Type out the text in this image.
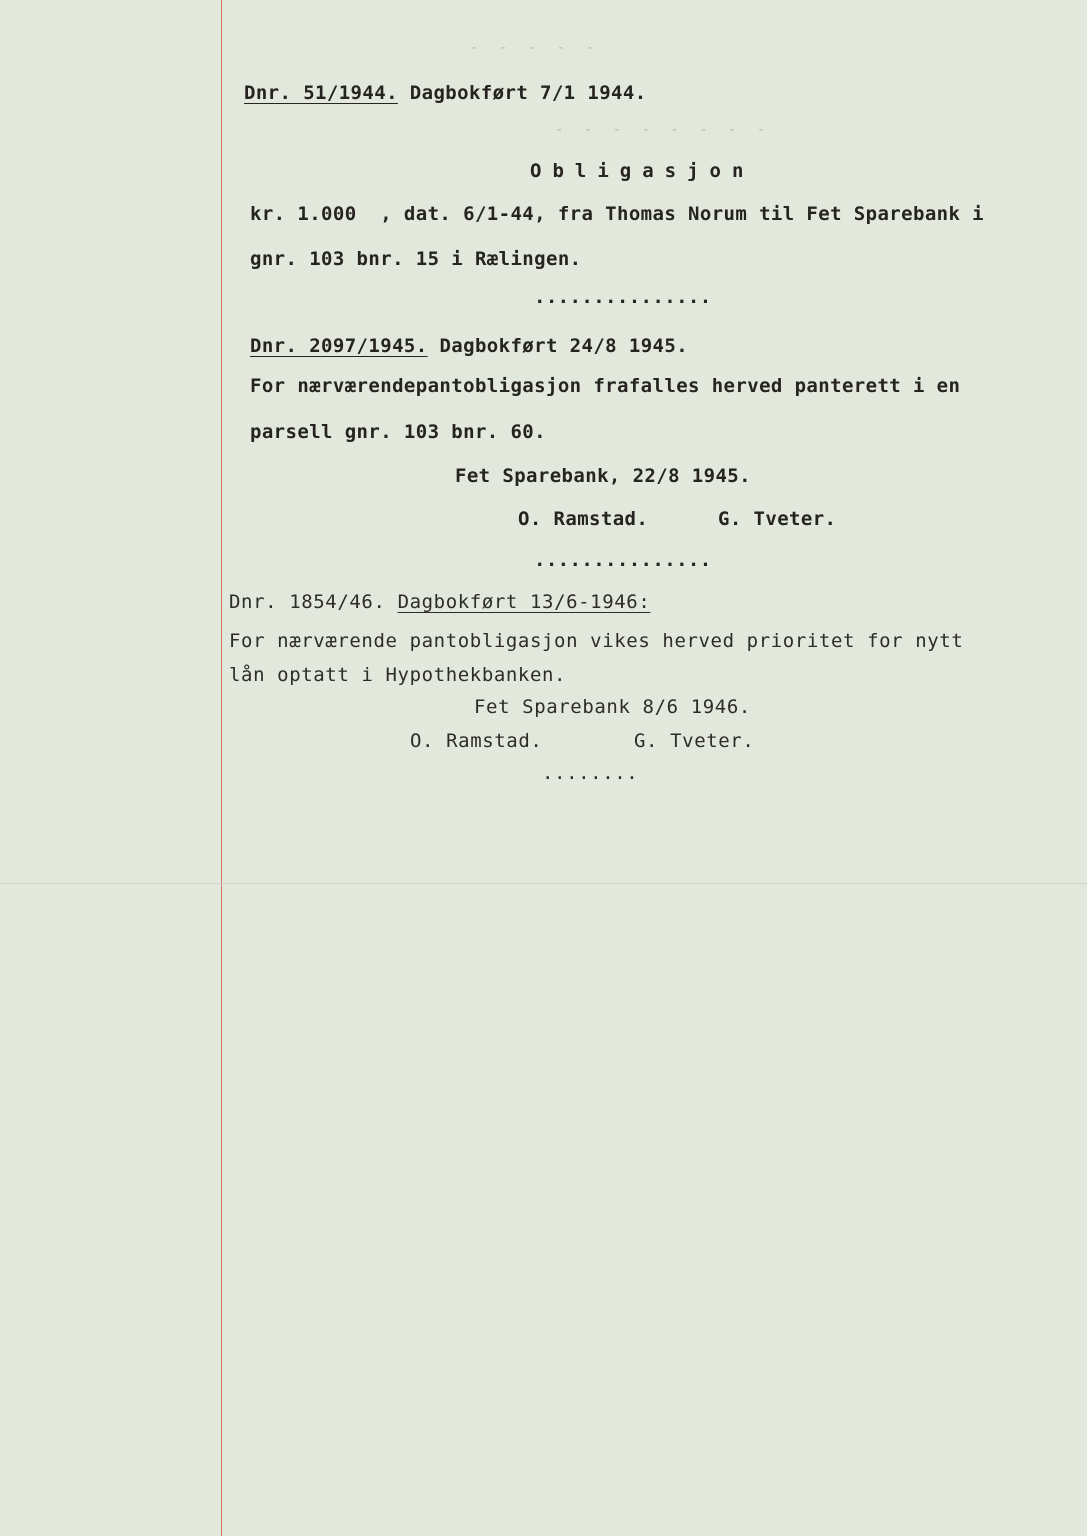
- - - - -
- - - - - - - -
Dnr. 51/1944. Dagbokført 7/1 1944.
Obligasjon
kr. 1.000  , dat. 6/1-44, fra Thomas Norum til Fet Sparebank i
gnr. 103 bnr. 15 i Rælingen.
...............
Dnr. 2097/1945. Dagbokført 24/8 1945.
For nærværendepantobligasjon frafalles herved panterett i en
parsell gnr. 103 bnr. 60.
Fet Sparebank, 22/8 1945.
O. Ramstad.	G. Tveter.
...............
Dnr. 1854/46. Dagbokført 13/6-1946:
For nærværende pantobligasjon vikes herved prioritet for nytt
lån optatt i Hypothekbanken.
Fet Sparebank 8/6 1946.
O. Ramstad.	G. Tveter.
........
